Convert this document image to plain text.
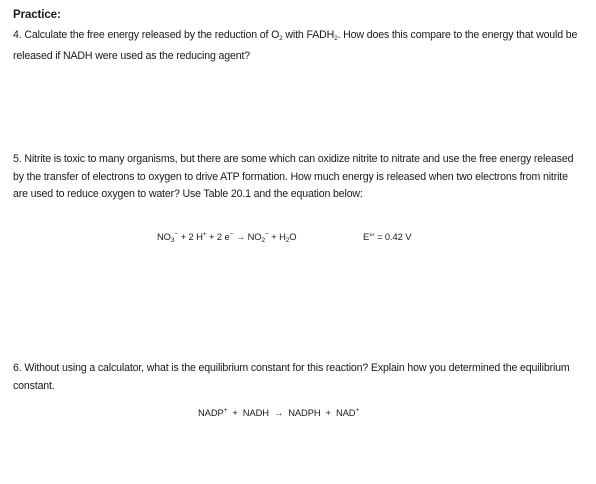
Practice:
4. Calculate the free energy released by the reduction of $O_2$ with $FADH_2$. How does this compare to the energy that would be released if NADH were used as the reducing agent?
5. Nitrite is toxic to many organisms, but there are some which can oxidize nitrite to nitrate and use the free energy released by the transfer of electrons to oxygen to drive ATP formation. How much energy is released when two electrons from nitrite are used to reduce oxygen to water? Use Table 20.1 and the equation below:
$NO_3^- + 2$ H+ + 2 $e^- \to NO_2^- + H_2O$	E°′ = 0.42 V
6. Without using a calculator, what is the equilibrium constant for this reaction? Explain how you determined the equilibrium constant.
NADP+  +  NADH  →  NADPH  +  NAD+
